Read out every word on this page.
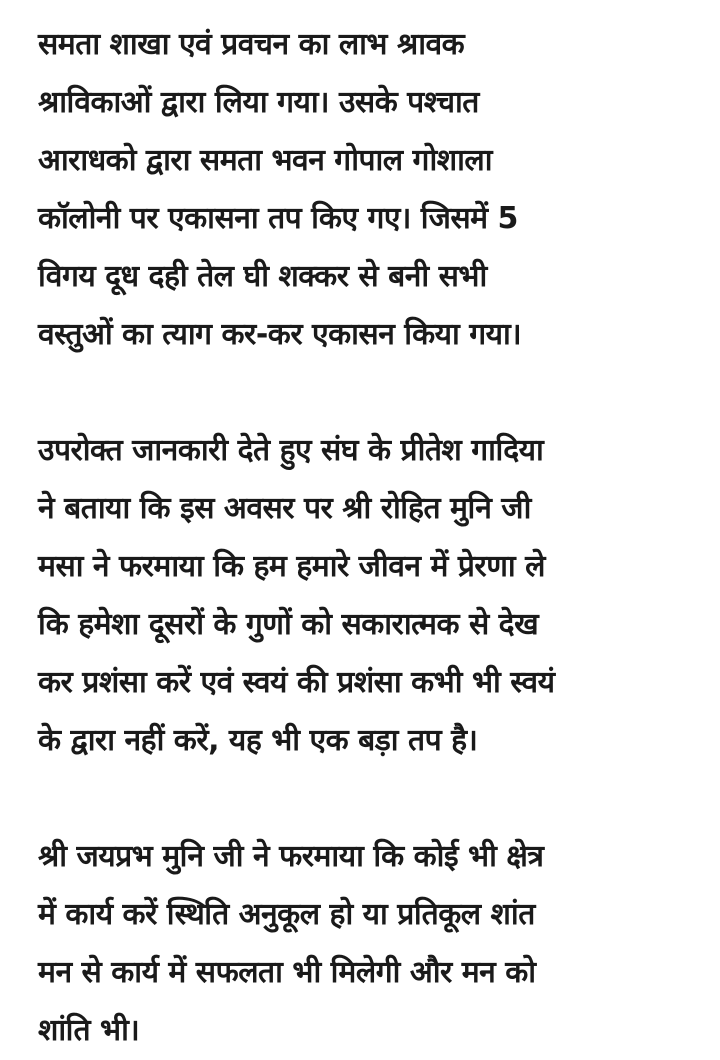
समता शाखा एवं प्रवचन का लाभ श्रावक
श्राविकाओं द्वारा लिया गया। उसके पश्चात
आराधको द्वारा समता भवन गोपाल गोशाला
कॉलोनी पर एकासना तप किए गए। जिसमें 5
विगय दूध दही तेल घी शक्कर से बनी सभी
वस्तुओं का त्याग कर-कर एकासन किया गया।
उपरोक्त जानकारी देते हुए संघ के प्रीतेश गादिया
ने बताया कि इस अवसर पर श्री रोहित मुनि जी
मसा ने फरमाया कि हम हमारे जीवन में प्रेरणा ले
कि हमेशा दूसरों के गुणों को सकारात्मक से देख
कर प्रशंसा करें एवं स्वयं की प्रशंसा कभी भी स्वयं
के द्वारा नहीं करें, यह भी एक बड़ा तप है।
श्री जयप्रभ मुनि जी ने फरमाया कि कोई भी क्षेत्र
में कार्य करें स्थिति अनुकूल हो या प्रतिकूल शांत
मन से कार्य में सफलता भी मिलेगी और मन को
शांति भी।
